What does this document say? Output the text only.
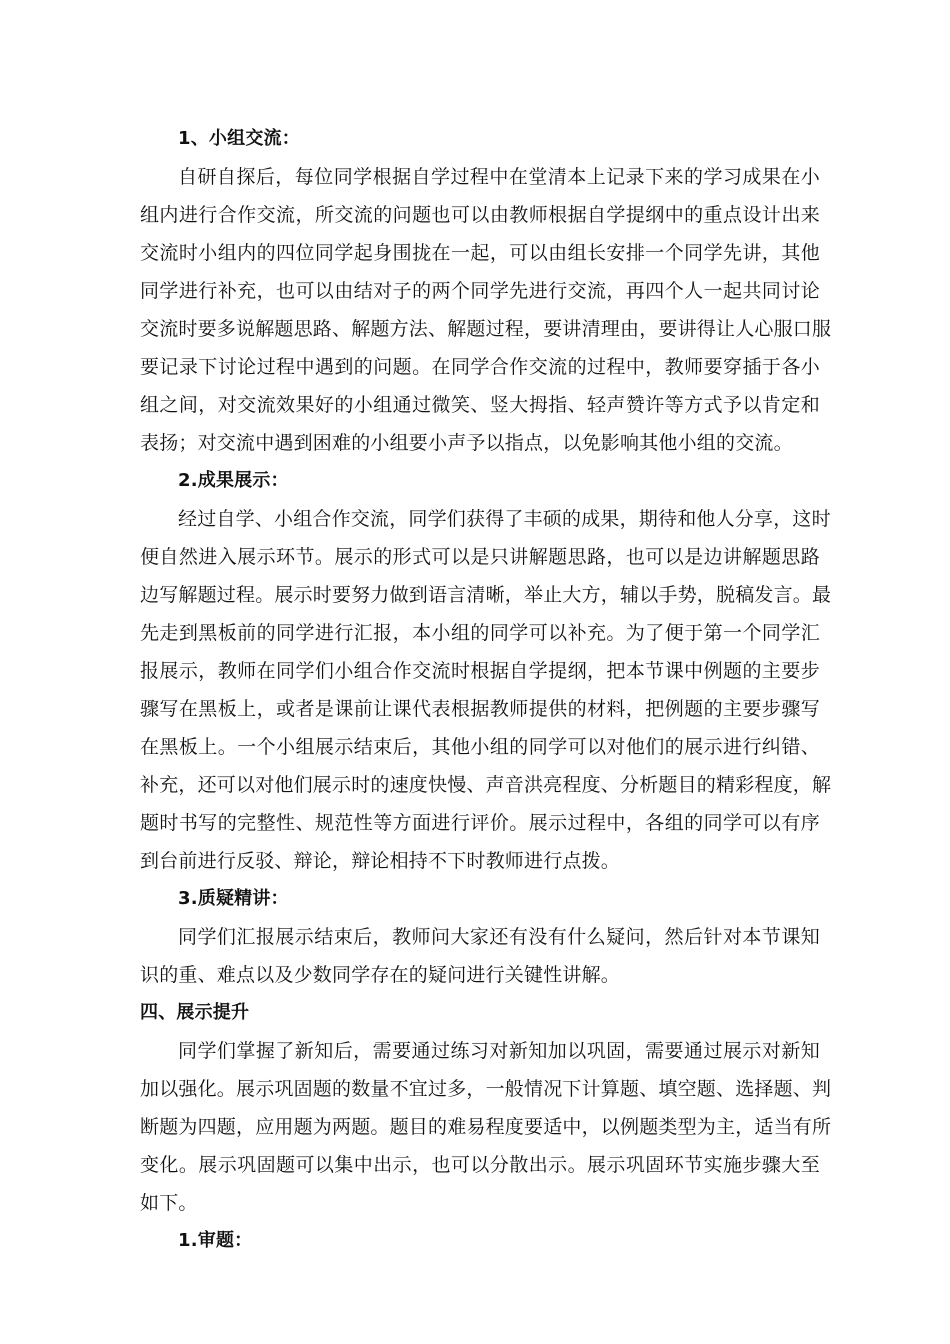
1、小组交流：
自研自探后，每位同学根据自学过程中在堂清本上记录下来的学习成果在小
组内进行合作交流，所交流的问题也可以由教师根据自学提纲中的重点设计出来
交流时小组内的四位同学起身围拢在一起，可以由组长安排一个同学先讲，其他
同学进行补充，也可以由结对子的两个同学先进行交流，再四个人一起共同讨论
交流时要多说解题思路、解题方法、解题过程，要讲清理由，要讲得让人心服口服
要记录下讨论过程中遇到的问题。在同学合作交流的过程中，教师要穿插于各小
组之间，对交流效果好的小组通过微笑、竖大拇指、轻声赞许等方式予以肯定和
表扬；对交流中遇到困难的小组要小声予以指点，以免影响其他小组的交流。
2.成果展示：
经过自学、小组合作交流，同学们获得了丰硕的成果，期待和他人分享，这时
便自然进入展示环节。展示的形式可以是只讲解题思路，也可以是边讲解题思路
边写解题过程。展示时要努力做到语言清晰，举止大方，辅以手势，脱稿发言。最
先走到黑板前的同学进行汇报，本小组的同学可以补充。为了便于第一个同学汇
报展示，教师在同学们小组合作交流时根据自学提纲，把本节课中例题的主要步
骤写在黑板上，或者是课前让课代表根据教师提供的材料，把例题的主要步骤写
在黑板上。一个小组展示结束后，其他小组的同学可以对他们的展示进行纠错、
补充，还可以对他们展示时的速度快慢、声音洪亮程度、分析题目的精彩程度，解
题时书写的完整性、规范性等方面进行评价。展示过程中，各组的同学可以有序
到台前进行反驳、辩论，辩论相持不下时教师进行点拨。
3.质疑精讲：
同学们汇报展示结束后，教师问大家还有没有什么疑问，然后针对本节课知
识的重、难点以及少数同学存在的疑问进行关键性讲解。
四、展示提升
同学们掌握了新知后，需要通过练习对新知加以巩固，需要通过展示对新知
加以强化。展示巩固题的数量不宜过多，一般情况下计算题、填空题、选择题、判
断题为四题，应用题为两题。题目的难易程度要适中，以例题类型为主，适当有所
变化。展示巩固题可以集中出示，也可以分散出示。展示巩固环节实施步骤大至
如下。
1.审题：
